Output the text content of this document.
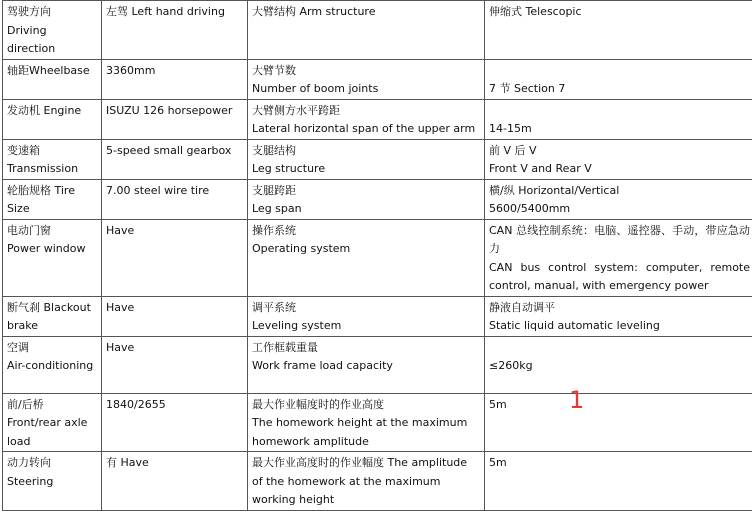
驾驶方向
Driving
direction	左驾 Left hand driving	大臂结构 Arm structure	伸缩式 Telescopic

轴距Wheelbase	3360mm	大臂节数
Number of boom joints	7 节 Section 7

发动机 Engine	ISUZU 126 horsepower	大臂侧方水平跨距
Lateral horizontal span of the upper arm	14-15m

变速箱
Transmission	5-speed small gearbox	支腿结构
Leg structure	前 V 后 V
Front V and Rear V

轮胎规格 Tire
Size	7.00 steel wire tire	支腿跨距
Leg span	横/纵 Horizontal/Vertical
5600/5400mm

电动门窗
Power window	Have	操作系统
Operating system	CAN 总线控制系统：电脑、遥控器、手动，带应急动力
CAN bus control system: computer, remote control, manual, with emergency power

断气刹 Blackout
brake	Have	调平系统
Leveling system	静液自动调平
Static liquid automatic leveling

空调
Air-conditioning	Have	工作框载重量
Work frame load capacity	≤260kg

前/后桥
Front/rear axle
load	1840/2655	最大作业幅度时的作业高度
The homework height at the maximum homework amplitude	5m

动力转向
Steering	有 Have	最大作业高度时的作业幅度 The amplitude of the homework at the maximum working height	5m
1
